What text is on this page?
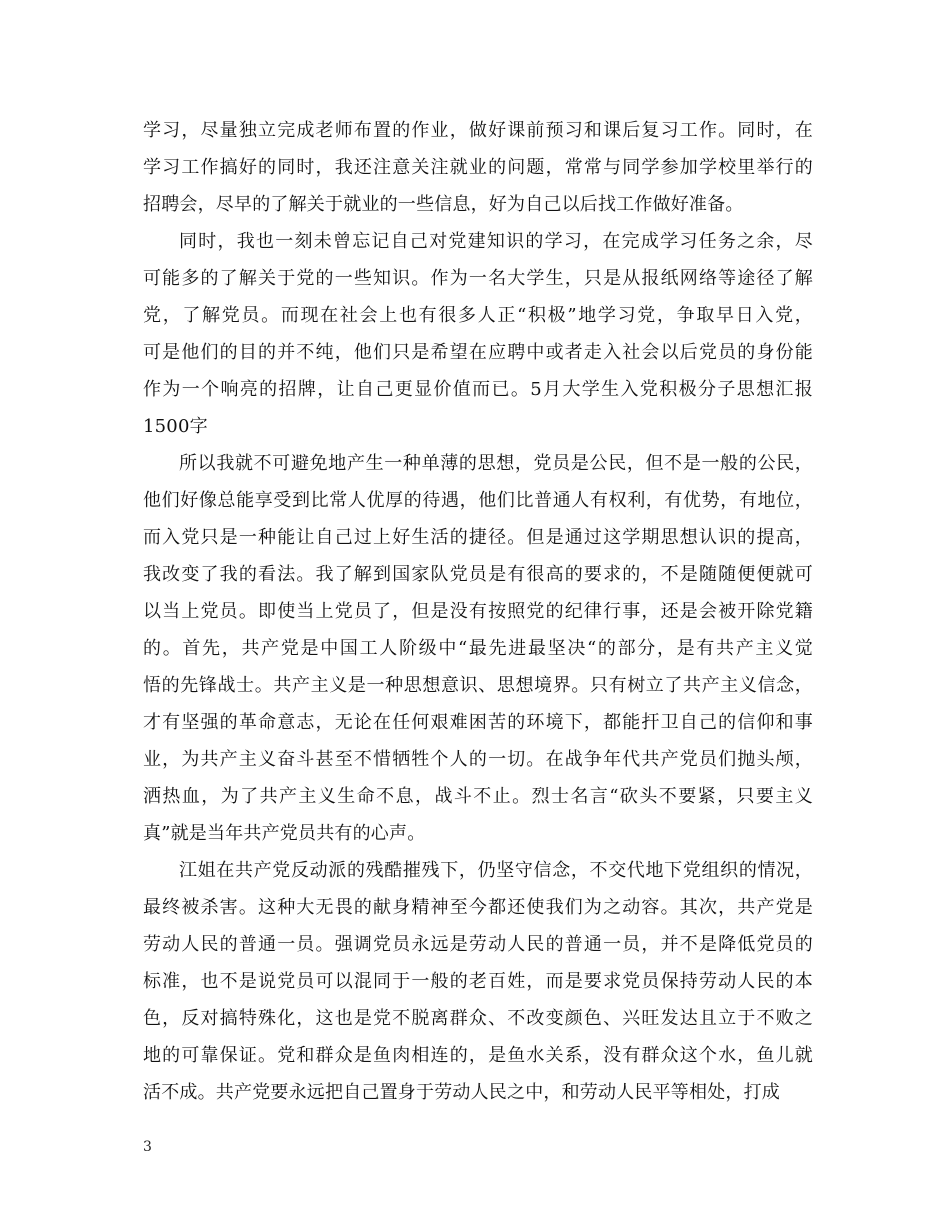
学习，尽量独立完成老师布置的作业，做好课前预习和课后复习工作。同时，在
学习工作搞好的同时，我还注意关注就业的问题，常常与同学参加学校里举行的
招聘会，尽早的了解关于就业的一些信息，好为自己以后找工作做好准备。
同时，我也一刻未曾忘记自己对党建知识的学习，在完成学习任务之余，尽
可能多的了解关于党的一些知识。作为一名大学生，只是从报纸网络等途径了解
党，了解党员。而现在社会上也有很多人正“积极”地学习党，争取早日入党，
可是他们的目的并不纯，他们只是希望在应聘中或者走入社会以后党员的身份能
作为一个响亮的招牌，让自己更显价值而已。5月大学生入党积极分子思想汇报
1500字
所以我就不可避免地产生一种单薄的思想，党员是公民，但不是一般的公民，
他们好像总能享受到比常人优厚的待遇，他们比普通人有权利，有优势，有地位，
而入党只是一种能让自己过上好生活的捷径。但是通过这学期思想认识的提高，
我改变了我的看法。我了解到国家队党员是有很高的要求的，不是随随便便就可
以当上党员。即使当上党员了，但是没有按照党的纪律行事，还是会被开除党籍
的。首先，共产党是中国工人阶级中“最先进最坚决“的部分，是有共产主义觉
悟的先锋战士。共产主义是一种思想意识、思想境界。只有树立了共产主义信念，
才有坚强的革命意志，无论在任何艰难困苦的环境下，都能扞卫自己的信仰和事
业，为共产主义奋斗甚至不惜牺牲个人的一切。在战争年代共产党员们抛头颅，
洒热血，为了共产主义生命不息，战斗不止。烈士名言“砍头不要紧，只要主义
真”就是当年共产党员共有的心声。
江姐在共产党反动派的残酷摧残下，仍坚守信念，不交代地下党组织的情况，
最终被杀害。这种大无畏的献身精神至今都还使我们为之动容。其次，共产党是
劳动人民的普通一员。强调党员永远是劳动人民的普通一员，并不是降低党员的
标准，也不是说党员可以混同于一般的老百姓，而是要求党员保持劳动人民的本
色，反对搞特殊化，这也是党不脱离群众、不改变颜色、兴旺发达且立于不败之
地的可靠保证。党和群众是鱼肉相连的，是鱼水关系，没有群众这个水，鱼儿就
活不成。共产党要永远把自己置身于劳动人民之中，和劳动人民平等相处，打成
3
